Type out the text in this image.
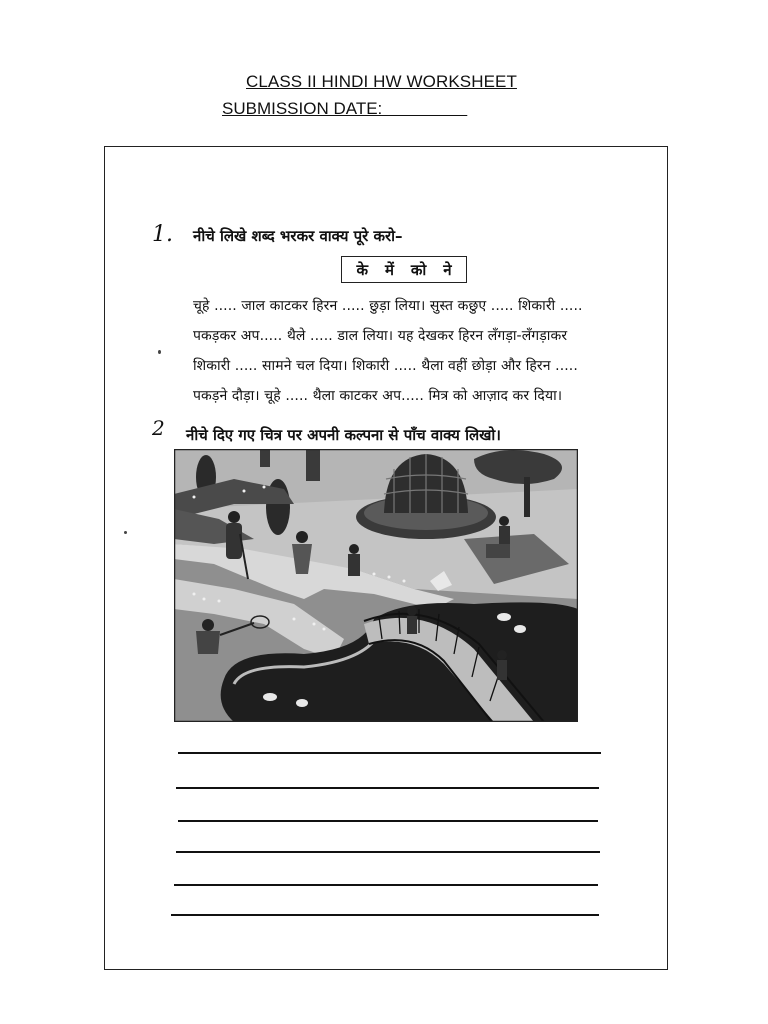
CLASS II HINDI HW WORKSHEET
SUBMISSION DATE:
1. नीचे लिखे शब्द भरकर वाक्य पूरे करो–
के में को ने
चूहे ..... जाल काटकर हिरन ..... छुड़ा लिया। सुस्त कछुए ..... शिकारी .....
पकड़कर अप..... थैले ..... डाल लिया। यह देखकर हिरन लँगड़ा-लँगड़ाकर
शिकारी ..... सामने चल दिया। शिकारी ..... थैला वहीं छोड़ा और हिरन .....
पकड़ने दौड़ा। चूहे ..... थैला काटकर अप..... मित्र को आज़ाद कर दिया।
2 नीचे दिए गए चित्र पर अपनी कल्पना से पाँच वाक्य लिखो।
